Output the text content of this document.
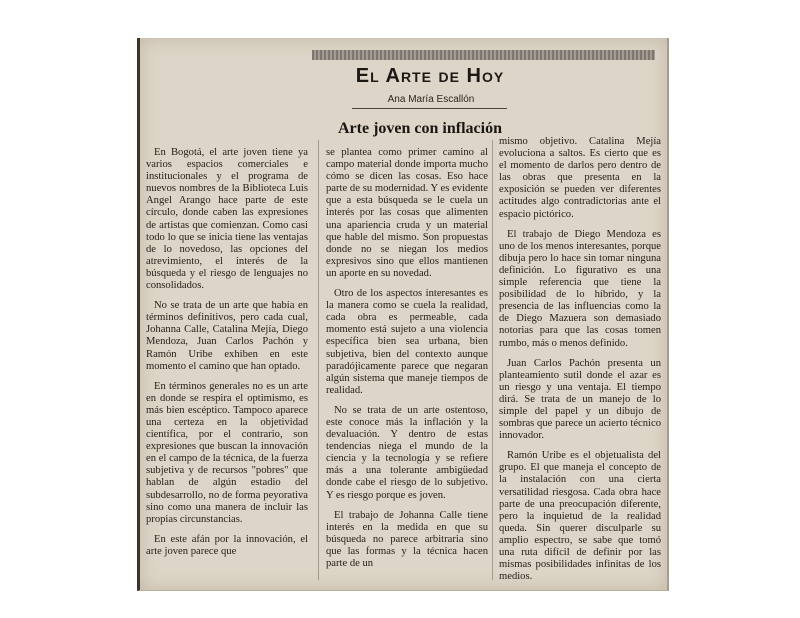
El Arte de Hoy
Ana María Escallón
Arte joven con inflación

En Bogotá, el arte joven tiene ya varios espacios comerciales e institucionales y el programa de nuevos nombres de la Biblioteca Luis Angel Arango hace parte de este círculo, donde caben las expresiones de artistas que comienzan. Como casi todo lo que se inicia tiene las ventajas de lo novedoso, las opciones del atrevimiento, el interés de la búsqueda y el riesgo de lenguajes no consolidados.

No se trata de un arte que había en términos definitivos, pero cada cual, Johanna Calle, Catalina Mejía, Diego Mendoza, Juan Carlos Pachón y Ramón Uribe exhiben en este momento el camino que han optado.

En términos generales no es un arte en donde se respira el optimismo, es más bien escéptico. Tampoco aparece una certeza en la objetividad científica, por el contrario, son expresiones que buscan la innovación en el campo de la técnica, de la fuerza subjetiva y de recursos "pobres" que hablan de algún estadio del subdesarrollo, no de forma peyorativa sino como una manera de incluir las propias circunstancias.

En este afán por la innovación, el arte joven parece que

se plantea como primer camino al campo material donde importa mucho cómo se dicen las cosas. Eso hace parte de su modernidad. Y es evidente que a esta búsqueda se le cuela un interés por las cosas que alimenten una apariencia cruda y un material que hable del mismo. Son propuestas donde no se niegan los medios expresivos sino que ellos mantienen un aporte en su novedad.

Otro de los aspectos interesantes es la manera como se cuela la realidad, cada obra es permeable, cada momento está sujeto a una violencia específica bien sea urbana, bien subjetiva, bien del contexto aunque paradójicamente parece que negaran algún sistema que maneje tiempos de realidad.

No se trata de un arte ostentoso, este conoce más la inflación y la devaluación. Y dentro de estas tendencias niega el mundo de la ciencia y la tecnología y se refiere más a una tolerante ambigüedad donde cabe el riesgo de lo subjetivo. Y es riesgo porque es joven.

El trabajo de Johanna Calle tiene interés en la medida en que su búsqueda no parece arbitraria sino que las formas y la técnica hacen parte de un

mismo objetivo. Catalina Mejía evoluciona a saltos. Es cierto que es el momento de darlos pero dentro de las obras que presenta en la exposición se pueden ver diferentes actitudes algo contradictorias ante el espacio pictórico.

El trabajo de Diego Mendoza es uno de los menos interesantes, porque dibuja pero lo hace sin tomar ninguna definición. Lo figurativo es una simple referencia que tiene la posibilidad de lo híbrido, y la presencia de las influencias como la de Diego Mazuera son demasiado notorias para que las cosas tomen rumbo, más o menos definido.

Juan Carlos Pachón presenta un planteamiento sutil donde el azar es un riesgo y una ventaja. El tiempo dirá. Se trata de un manejo de lo simple del papel y un dibujo de sombras que parece un acierto técnico innovador.

Ramón Uribe es el objetualista del grupo. El que maneja el concepto de la instalación con una cierta versatilidad riesgosa. Cada obra hace parte de una preocupación diferente, pero la inquietud de la realidad queda. Sin querer disculparle su amplio espectro, se sabe que tomó una ruta difícil de definir por las mismas posibilidades infinitas de los medios.
